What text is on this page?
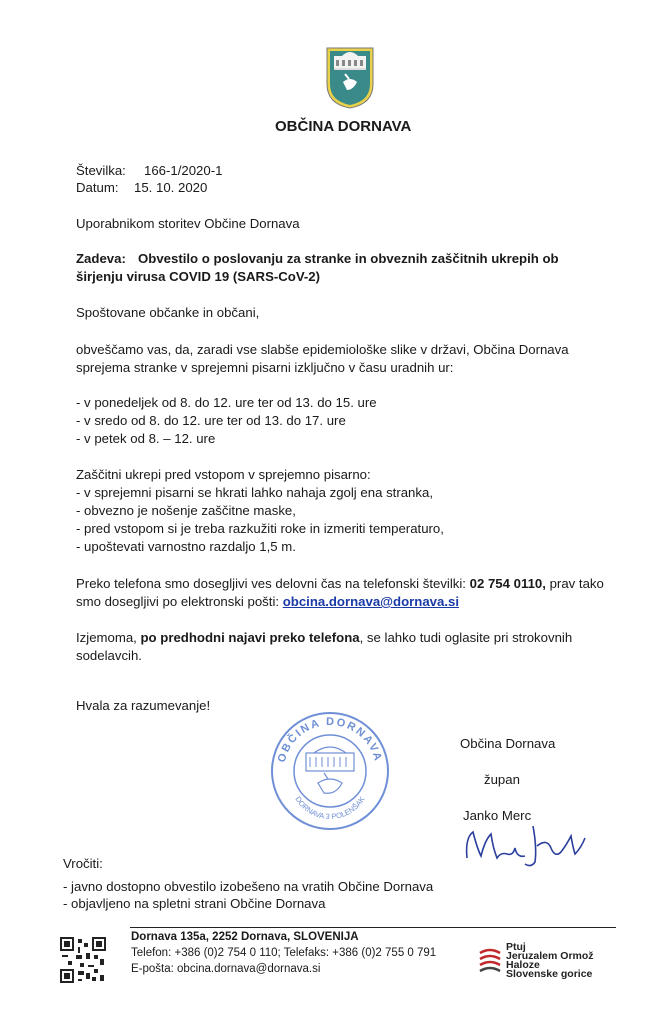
OBČINA DORNAVA
Številka: 166-1/2020-1
Datum: 15. 10. 2020
Uporabnikom storitev Občine Dornava
Zadeva: Obvestilo o poslovanju za stranke in obveznih zaščitnih ukrepih ob
širjenju virusa COVID 19 (SARS-CoV-2)
Spoštovane občanke in občani,
obveščamo vas, da, zaradi vse slabše epidemiološke slike v državi, Občina Dornava
sprejema stranke v sprejemni pisarni izključno v času uradnih ur:
- v ponedeljek od 8. do 12. ure ter od 13. do 15. ure
- v sredo od 8. do 12. ure ter od 13. do 17. ure
- v petek od 8. – 12. ure
Zaščitni ukrepi pred vstopom v sprejemno pisarno:
- v sprejemni pisarni se hkrati lahko nahaja zgolj ena stranka,
- obvezno je nošenje zaščitne maske,
- pred vstopom si je treba razkužiti roke in izmeriti temperaturo,
- upoštevati varnostno razdaljo 1,5 m.
Preko telefona smo dosegljivi ves delovni čas na telefonski številki: 02 754 0110, prav tako
smo dosegljivi po elektronski pošti: obcina.dornava@dornava.si
Izjemoma, po predhodni najavi preko telefona, se lahko tudi oglasite pri strokovnih
sodelavcih.
Hvala za razumevanje!
OBČINA DORNAVA
DORNAVA 3 POLENŠAK
Občina Dornava
župan
Janko Merc
Vročiti:
- javno dostopno obvestilo izobešeno na vratih Občine Dornava
- objavljeno na spletni strani Občine Dornava
Dornava 135a, 2252 Dornava, SLOVENIJA
Telefon: +386 (0)2 754 0 110; Telefaks: +386 (0)2 755 0 791
E-pošta: obcina.dornava@dornava.si
Ptuj
Jeruzalem Ormož
Haloze
Slovenske gorice
